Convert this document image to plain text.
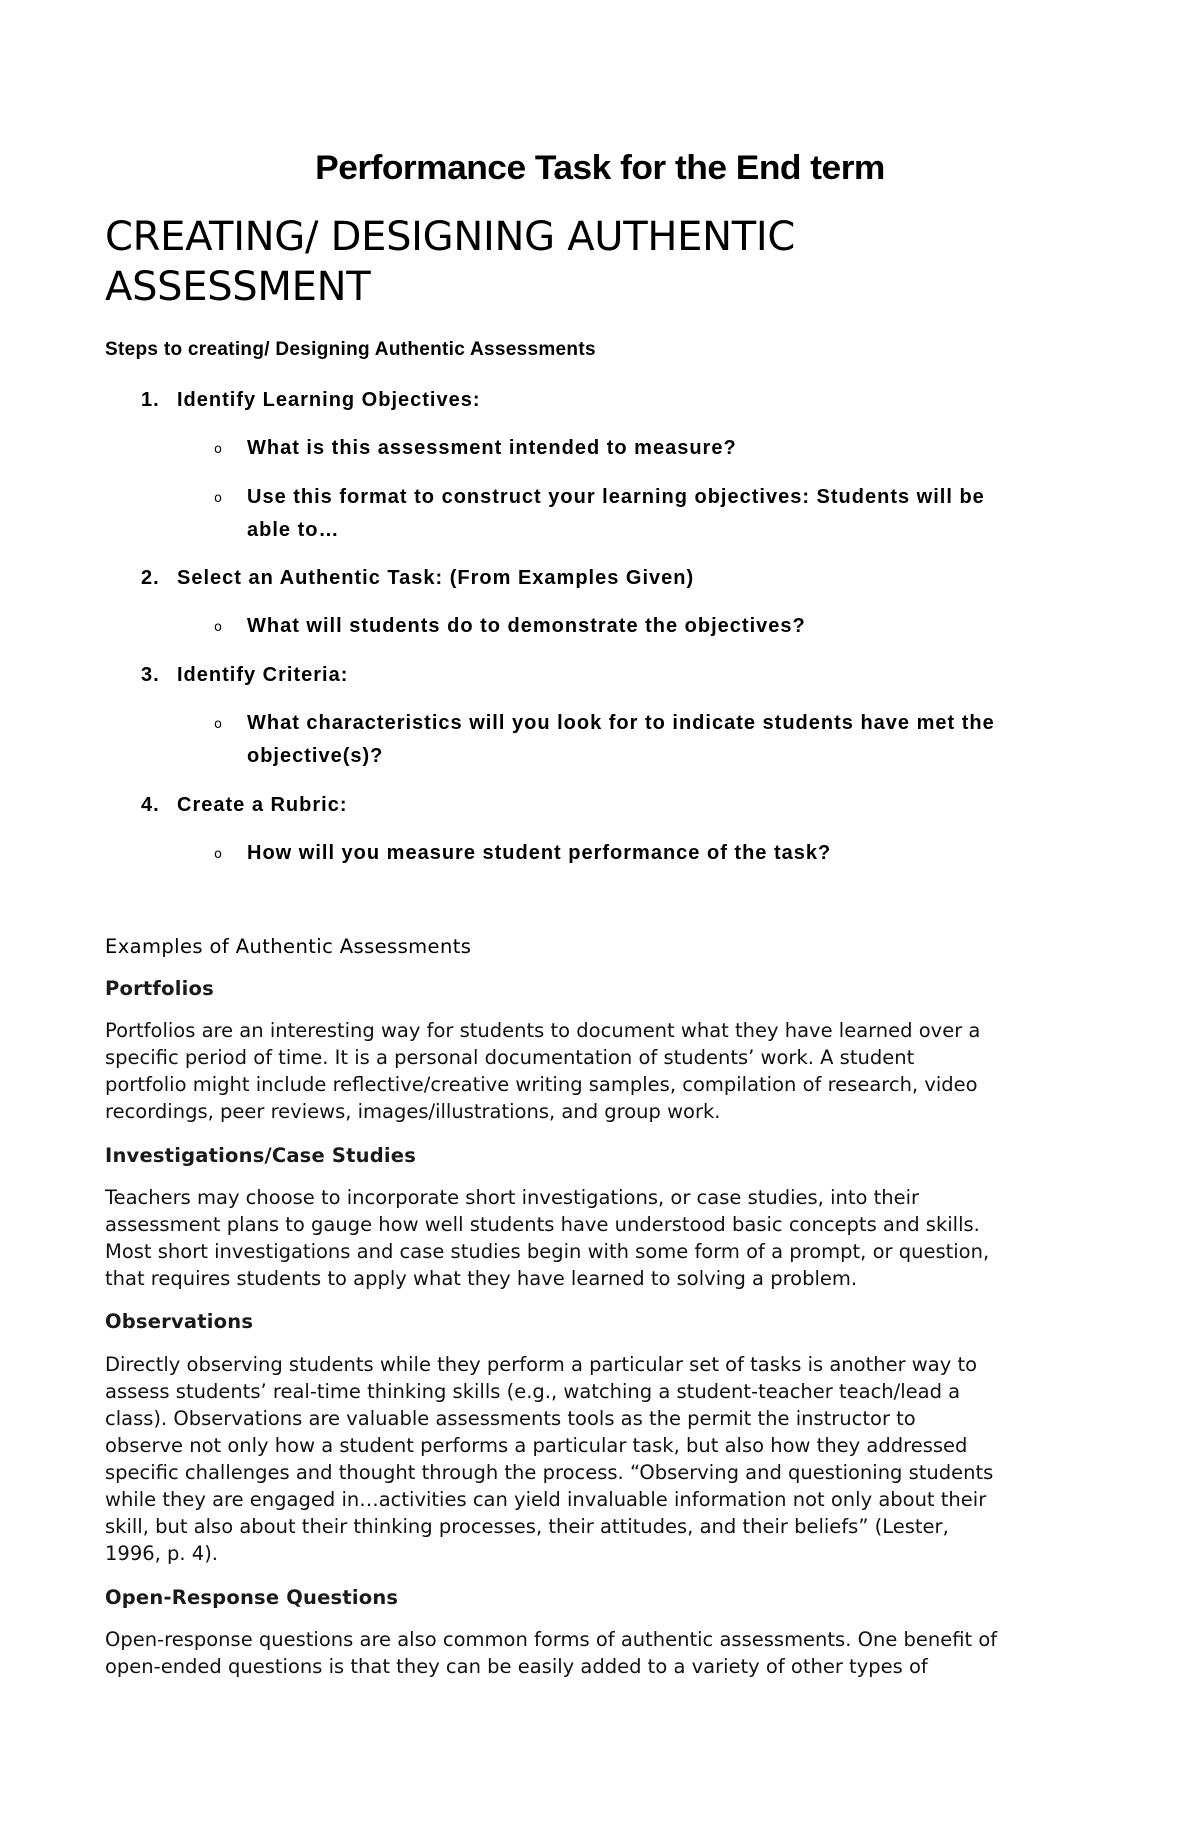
Performance Task for the End term
CREATING/ DESIGNING AUTHENTIC
ASSESSMENT
Steps to creating/ Designing Authentic Assessments
1. Identify Learning Objectives:
o What is this assessment intended to measure?
o Use this format to construct your learning objectives: Students will be
able to…
2. Select an Authentic Task: (From Examples Given)
o What will students do to demonstrate the objectives?
3. Identify Criteria:
o What characteristics will you look for to indicate students have met the
objective(s)?
4. Create a Rubric:
o How will you measure student performance of the task?
Examples of Authentic Assessments
Portfolios
Portfolios are an interesting way for students to document what they have learned over a
specific period of time. It is a personal documentation of students’ work. A student
portfolio might include reflective/creative writing samples, compilation of research, video
recordings, peer reviews, images/illustrations, and group work.
Investigations/Case Studies
Teachers may choose to incorporate short investigations, or case studies, into their
assessment plans to gauge how well students have understood basic concepts and skills.
Most short investigations and case studies begin with some form of a prompt, or question,
that requires students to apply what they have learned to solving a problem.
Observations
Directly observing students while they perform a particular set of tasks is another way to
assess students’ real-time thinking skills (e.g., watching a student-teacher teach/lead a
class). Observations are valuable assessments tools as the permit the instructor to
observe not only how a student performs a particular task, but also how they addressed
specific challenges and thought through the process. “Observing and questioning students
while they are engaged in…activities can yield invaluable information not only about their
skill, but also about their thinking processes, their attitudes, and their beliefs” (Lester,
1996, p. 4).
Open-Response Questions
Open-response questions are also common forms of authentic assessments. One benefit of
open-ended questions is that they can be easily added to a variety of other types of
